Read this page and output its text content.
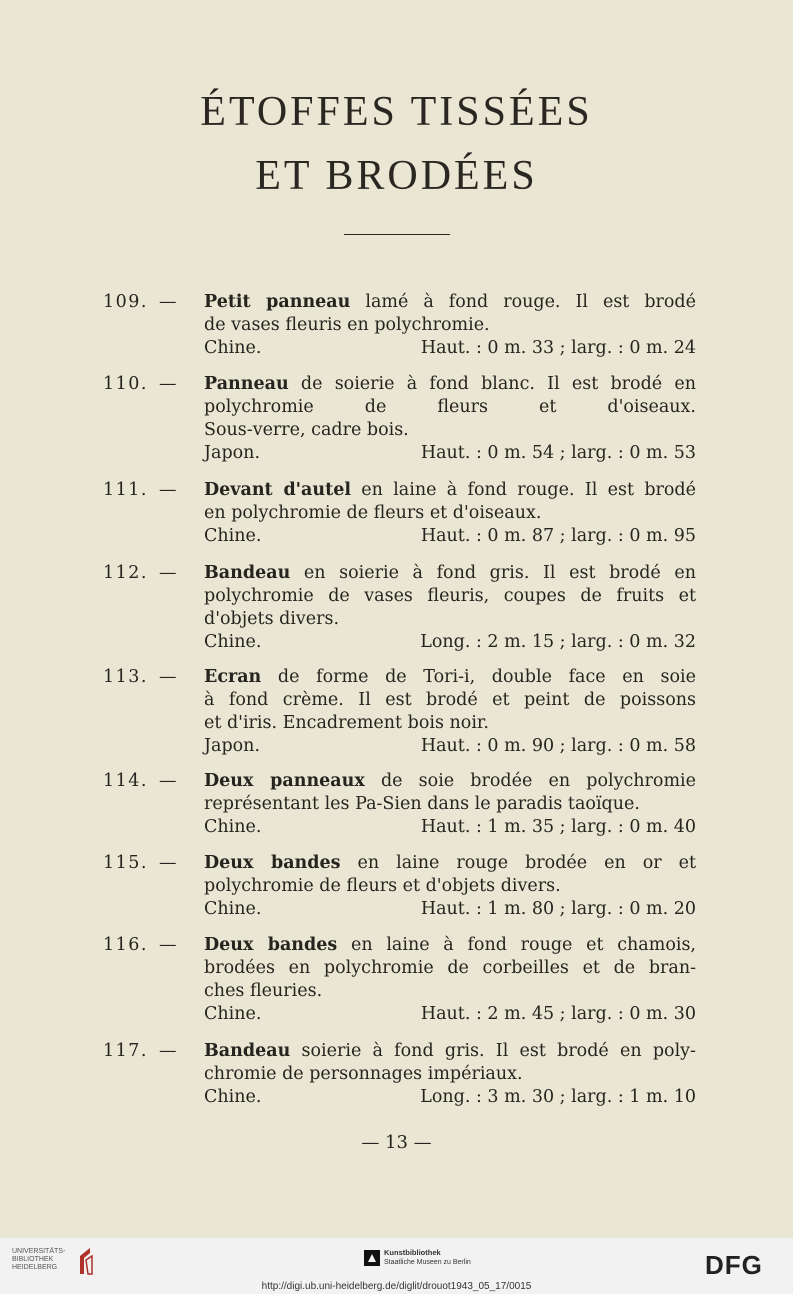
ÉTOFFES TISSÉES
ET BRODÉES
109. —	Petit panneau lamé à fond rouge. Il est brodé
de vases fleuris en polychromie.
Chine.	Haut. : 0 m. 33 ; larg. : 0 m. 24
110. —	Panneau de soierie à fond blanc. Il est brodé en
polychromie de fleurs et d'oiseaux.
Sous-verre, cadre bois.
Japon.	Haut. : 0 m. 54 ; larg. : 0 m. 53
111. —	Devant d'autel en laine à fond rouge. Il est brodé
en polychromie de fleurs et d'oiseaux.
Chine.	Haut. : 0 m. 87 ; larg. : 0 m. 95
112. —	Bandeau en soierie à fond gris. Il est brodé en
polychromie de vases fleuris, coupes de fruits et
d'objets divers.
Chine.	Long. : 2 m. 15 ; larg. : 0 m. 32
113. —	Ecran de forme de Tori-i, double face en soie
à fond crème. Il est brodé et peint de poissons
et d'iris. Encadrement bois noir.
Japon.	Haut. : 0 m. 90 ; larg. : 0 m. 58
114. —	Deux panneaux de soie brodée en polychromie
représentant les Pa-Sien dans le paradis taoïque.
Chine.	Haut. : 1 m. 35 ; larg. : 0 m. 40
115. —	Deux bandes en laine rouge brodée en or et
polychromie de fleurs et d'objets divers.
Chine.	Haut. : 1 m. 80 ; larg. : 0 m. 20
116. —	Deux bandes en laine à fond rouge et chamois,
brodées en polychromie de corbeilles et de bran-
ches fleuries.
Chine.	Haut. : 2 m. 45 ; larg. : 0 m. 30
117. —	Bandeau soierie à fond gris. Il est brodé en poly-
chromie de personnages impériaux.
Chine.	Long. : 3 m. 30 ; larg. : 1 m. 10
— 13 —
UNIVERSITÄTS-
BIBLIOTHEK
HEIDELBERG
Kunstbibliothek
Staatliche Museen zu Berlin	DFG
http://digi.ub.uni-heidelberg.de/diglit/drouot1943_05_17/0015
